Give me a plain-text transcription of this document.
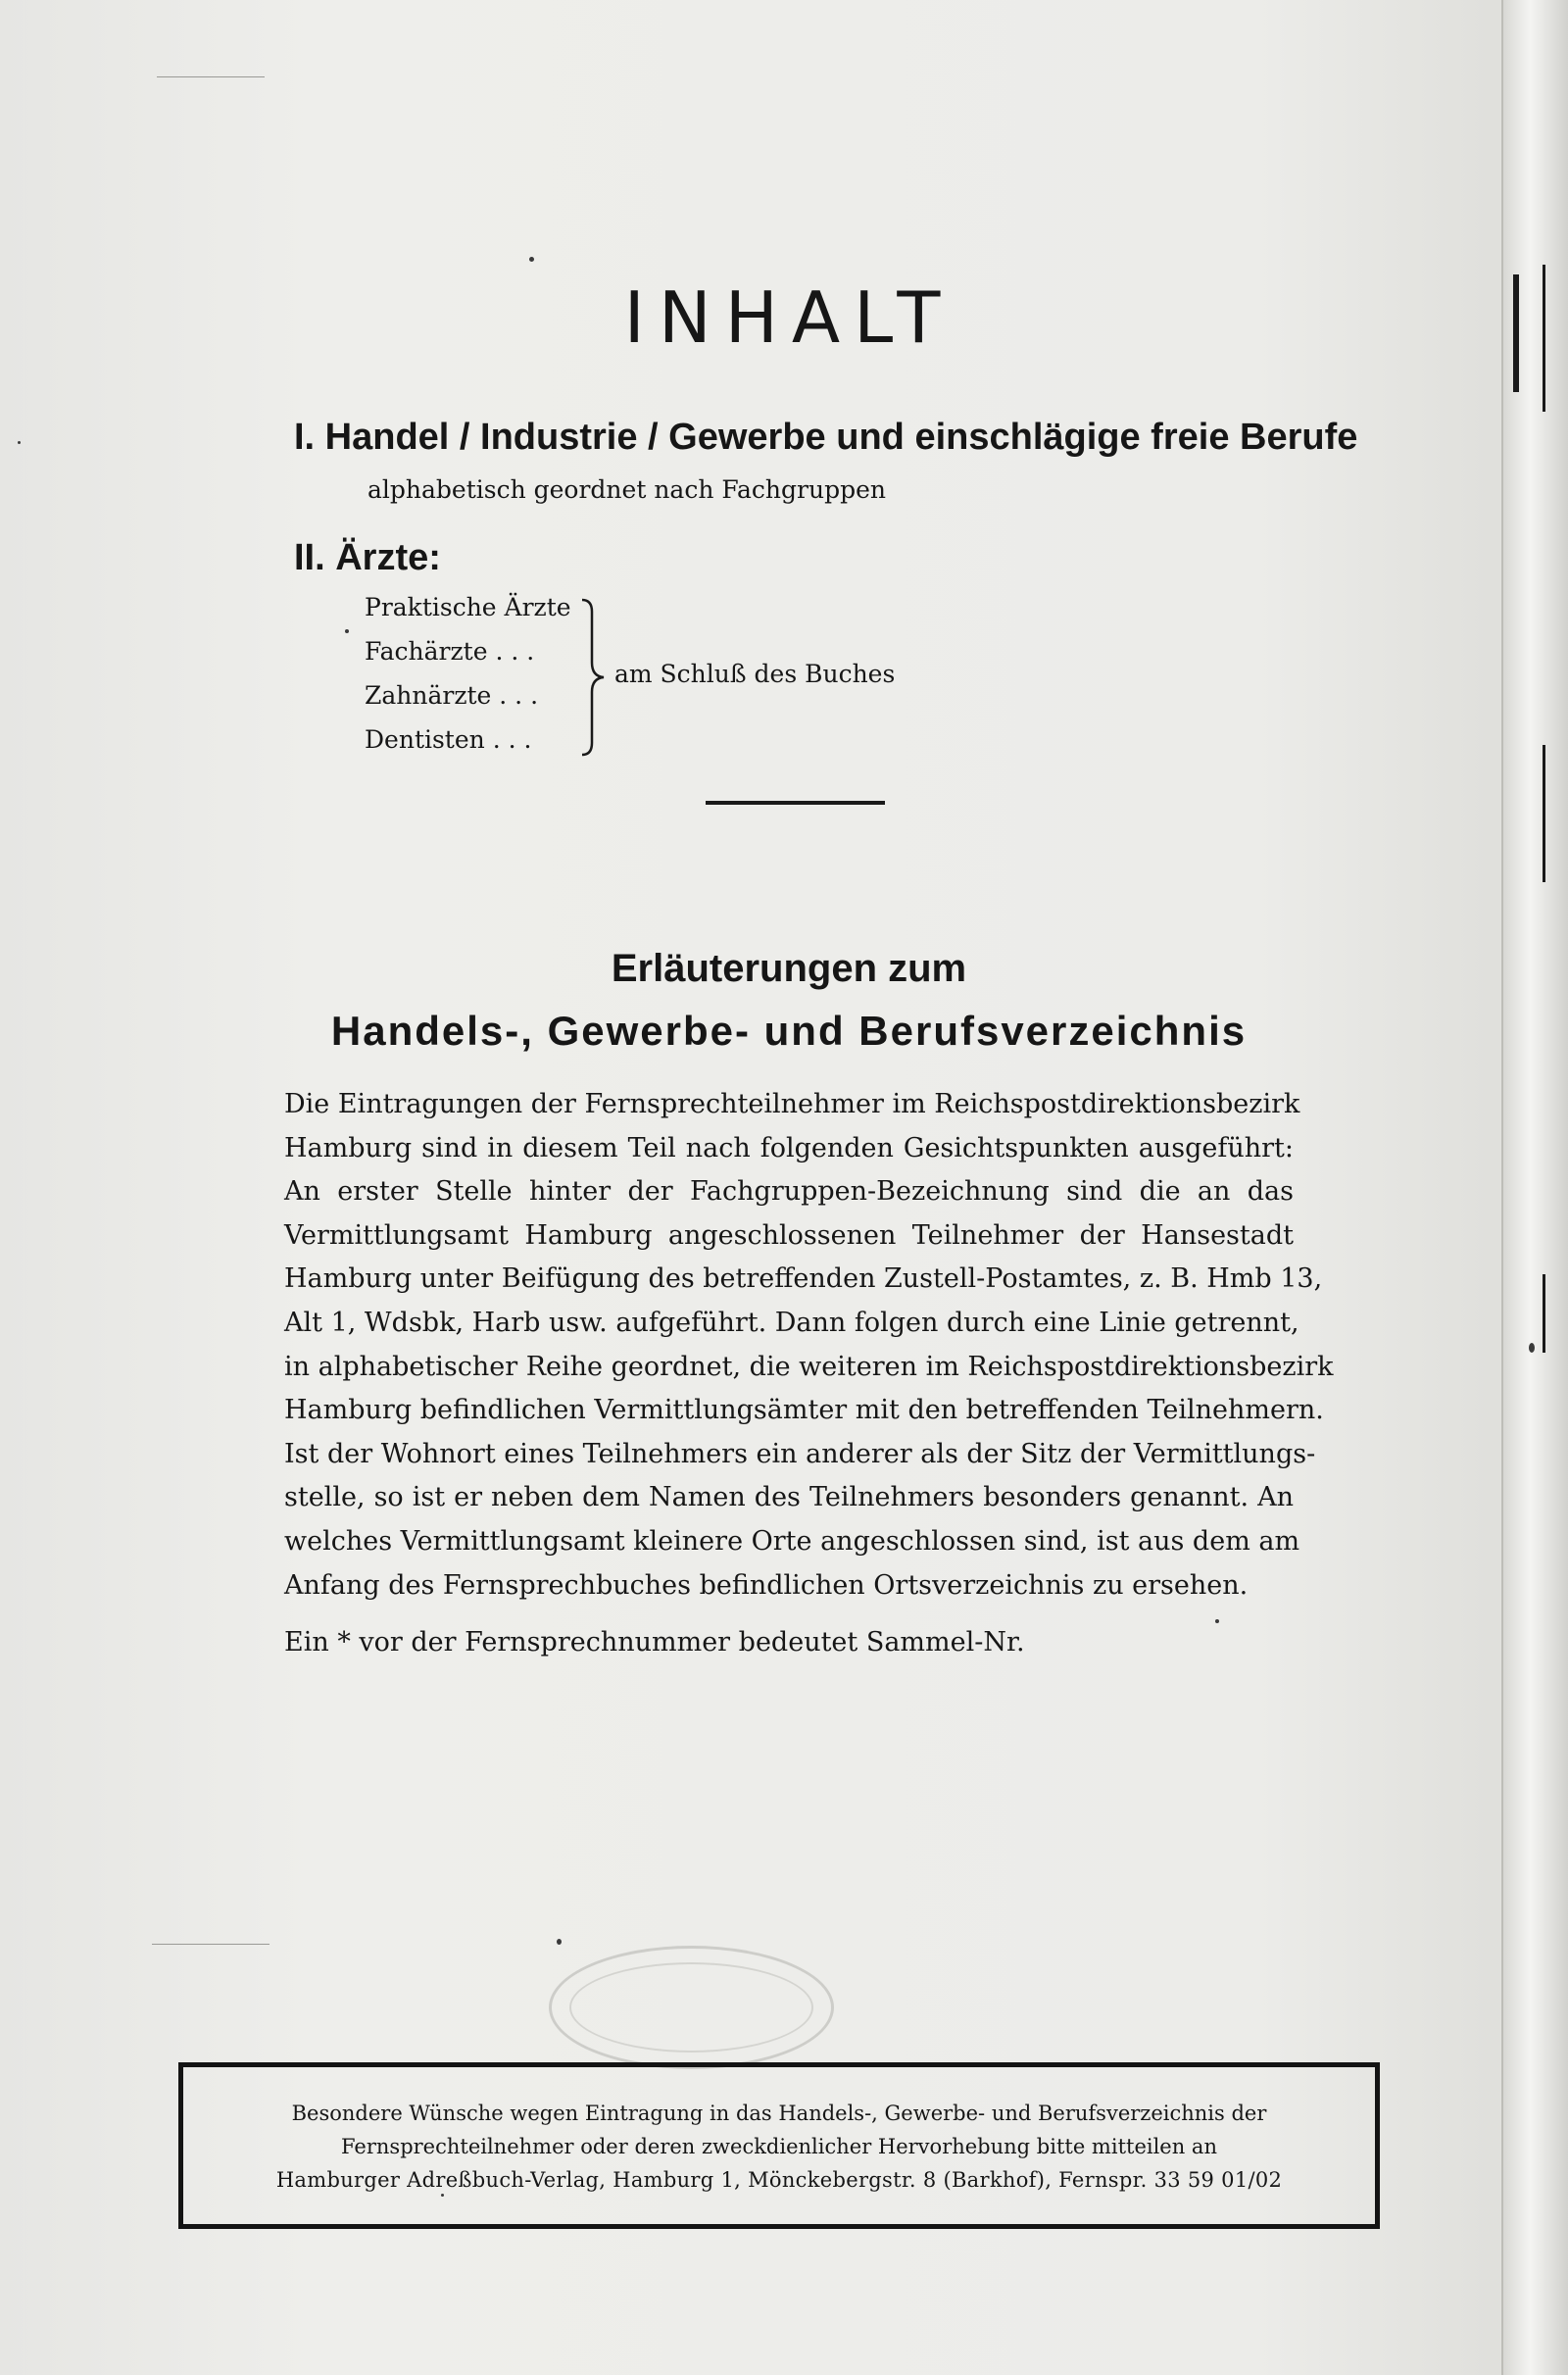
INHALT
I. Handel / Industrie / Gewerbe und einschlägige freie Berufe
alphabetisch geordnet nach Fachgruppen
II. Ärzte:
Praktische Ärzte
Fachärzte . . .
Zahnärzte . . .
Dentisten . . .
am Schluß des Buches
Erläuterungen zum
Handels-, Gewerbe- und Berufsverzeichnis
Die Eintragungen der Fernsprechteilnehmer im Reichspostdirektionsbezirk
Hamburg sind in diesem Teil nach folgenden Gesichtspunkten ausgeführt:
An erster Stelle hinter der Fachgruppen-Bezeichnung sind die an das
Vermittlungsamt Hamburg angeschlossenen Teilnehmer der Hansestadt
Hamburg unter Beifügung des betreffenden Zustell-Postamtes, z. B. Hmb 13,
Alt 1, Wdsbk, Harb usw. aufgeführt. Dann folgen durch eine Linie getrennt,
in alphabetischer Reihe geordnet, die weiteren im Reichspostdirektionsbezirk
Hamburg befindlichen Vermittlungsämter mit den betreffenden Teilnehmern.
Ist der Wohnort eines Teilnehmers ein anderer als der Sitz der Vermittlungs-
stelle, so ist er neben dem Namen des Teilnehmers besonders genannt. An
welches Vermittlungsamt kleinere Orte angeschlossen sind, ist aus dem am
Anfang des Fernsprechbuches befindlichen Ortsverzeichnis zu ersehen.
Ein * vor der Fernsprechnummer bedeutet Sammel-Nr.
Besondere Wünsche wegen Eintragung in das Handels-, Gewerbe- und Berufsverzeichnis der
Fernsprechteilnehmer oder deren zweckdienlicher Hervorhebung bitte mitteilen an
Hamburger Adreßbuch-Verlag, Hamburg 1, Mönckebergstr. 8 (Barkhof), Fernspr. 33 59 01/02
